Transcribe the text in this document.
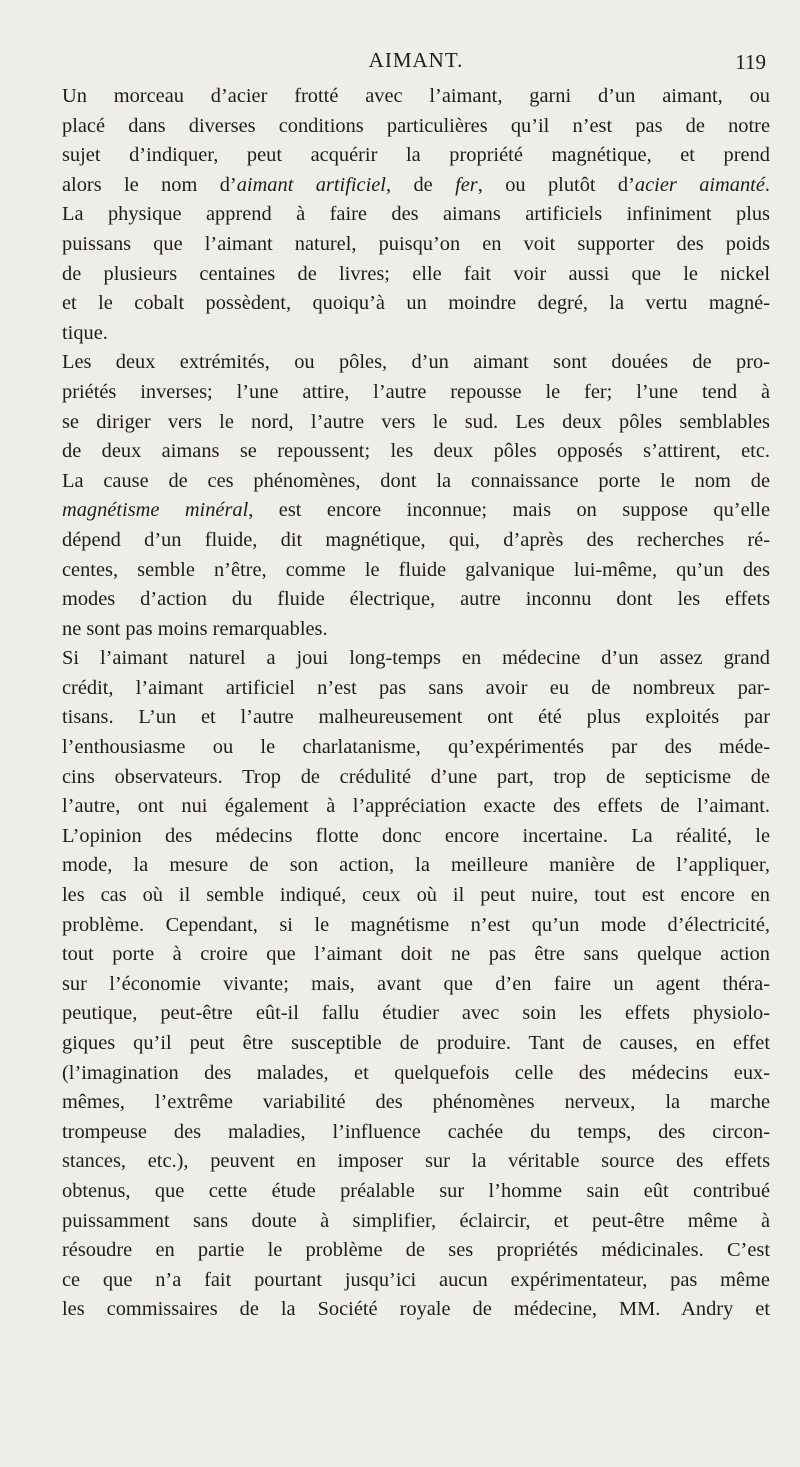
AIMANT.	119
Un morceau d’acier frotté avec l’aimant, garni d’un aimant, ou
placé dans diverses conditions particulières qu’il n’est pas de notre
sujet d’indiquer, peut acquérir la propriété magnétique, et prend
alors le nom d’aimant artificiel, de fer, ou plutôt d’acier aimanté.
La physique apprend à faire des aimans artificiels infiniment plus
puissans que l’aimant naturel, puisqu’on en voit supporter des poids
de plusieurs centaines de livres; elle fait voir aussi que le nickel
et le cobalt possèdent, quoiqu’à un moindre degré, la vertu magné-
tique.
Les deux extrémités, ou pôles, d’un aimant sont douées de pro-
priétés inverses; l’une attire, l’autre repousse le fer; l’une tend à
se diriger vers le nord, l’autre vers le sud. Les deux pôles semblables
de deux aimans se repoussent; les deux pôles opposés s’attirent, etc.
La cause de ces phénomènes, dont la connaissance porte le nom de
magnétisme minéral, est encore inconnue; mais on suppose qu’elle
dépend d’un fluide, dit magnétique, qui, d’après des recherches ré-
centes, semble n’être, comme le fluide galvanique lui-même, qu’un des
modes d’action du fluide électrique, autre inconnu dont les effets
ne sont pas moins remarquables.
Si l’aimant naturel a joui long-temps en médecine d’un assez grand
crédit, l’aimant artificiel n’est pas sans avoir eu de nombreux par-
tisans. L’un et l’autre malheureusement ont été plus exploités par
l’enthousiasme ou le charlatanisme, qu’expérimentés par des méde-
cins observateurs. Trop de crédulité d’une part, trop de septicisme de
l’autre, ont nui également à l’appréciation exacte des effets de l’aimant.
L’opinion des médecins flotte donc encore incertaine. La réalité, le
mode, la mesure de son action, la meilleure manière de l’appliquer,
les cas où il semble indiqué, ceux où il peut nuire, tout est encore en
problème. Cependant, si le magnétisme n’est qu’un mode d’électricité,
tout porte à croire que l’aimant doit ne pas être sans quelque action
sur l’économie vivante; mais, avant que d’en faire un agent théra-
peutique, peut-être eût-il fallu étudier avec soin les effets physiolo-
giques qu’il peut être susceptible de produire. Tant de causes, en effet
(l’imagination des malades, et quelquefois celle des médecins eux-
mêmes, l’extrême variabilité des phénomènes nerveux, la marche
trompeuse des maladies, l’influence cachée du temps, des circon-
stances, etc.), peuvent en imposer sur la véritable source des effets
obtenus, que cette étude préalable sur l’homme sain eût contribué
puissamment sans doute à simplifier, éclaircir, et peut-être même à
résoudre en partie le problème de ses propriétés médicinales. C’est
ce que n’a fait pourtant jusqu’ici aucun expérimentateur, pas même
les commissaires de la Société royale de médecine, MM. Andry et
